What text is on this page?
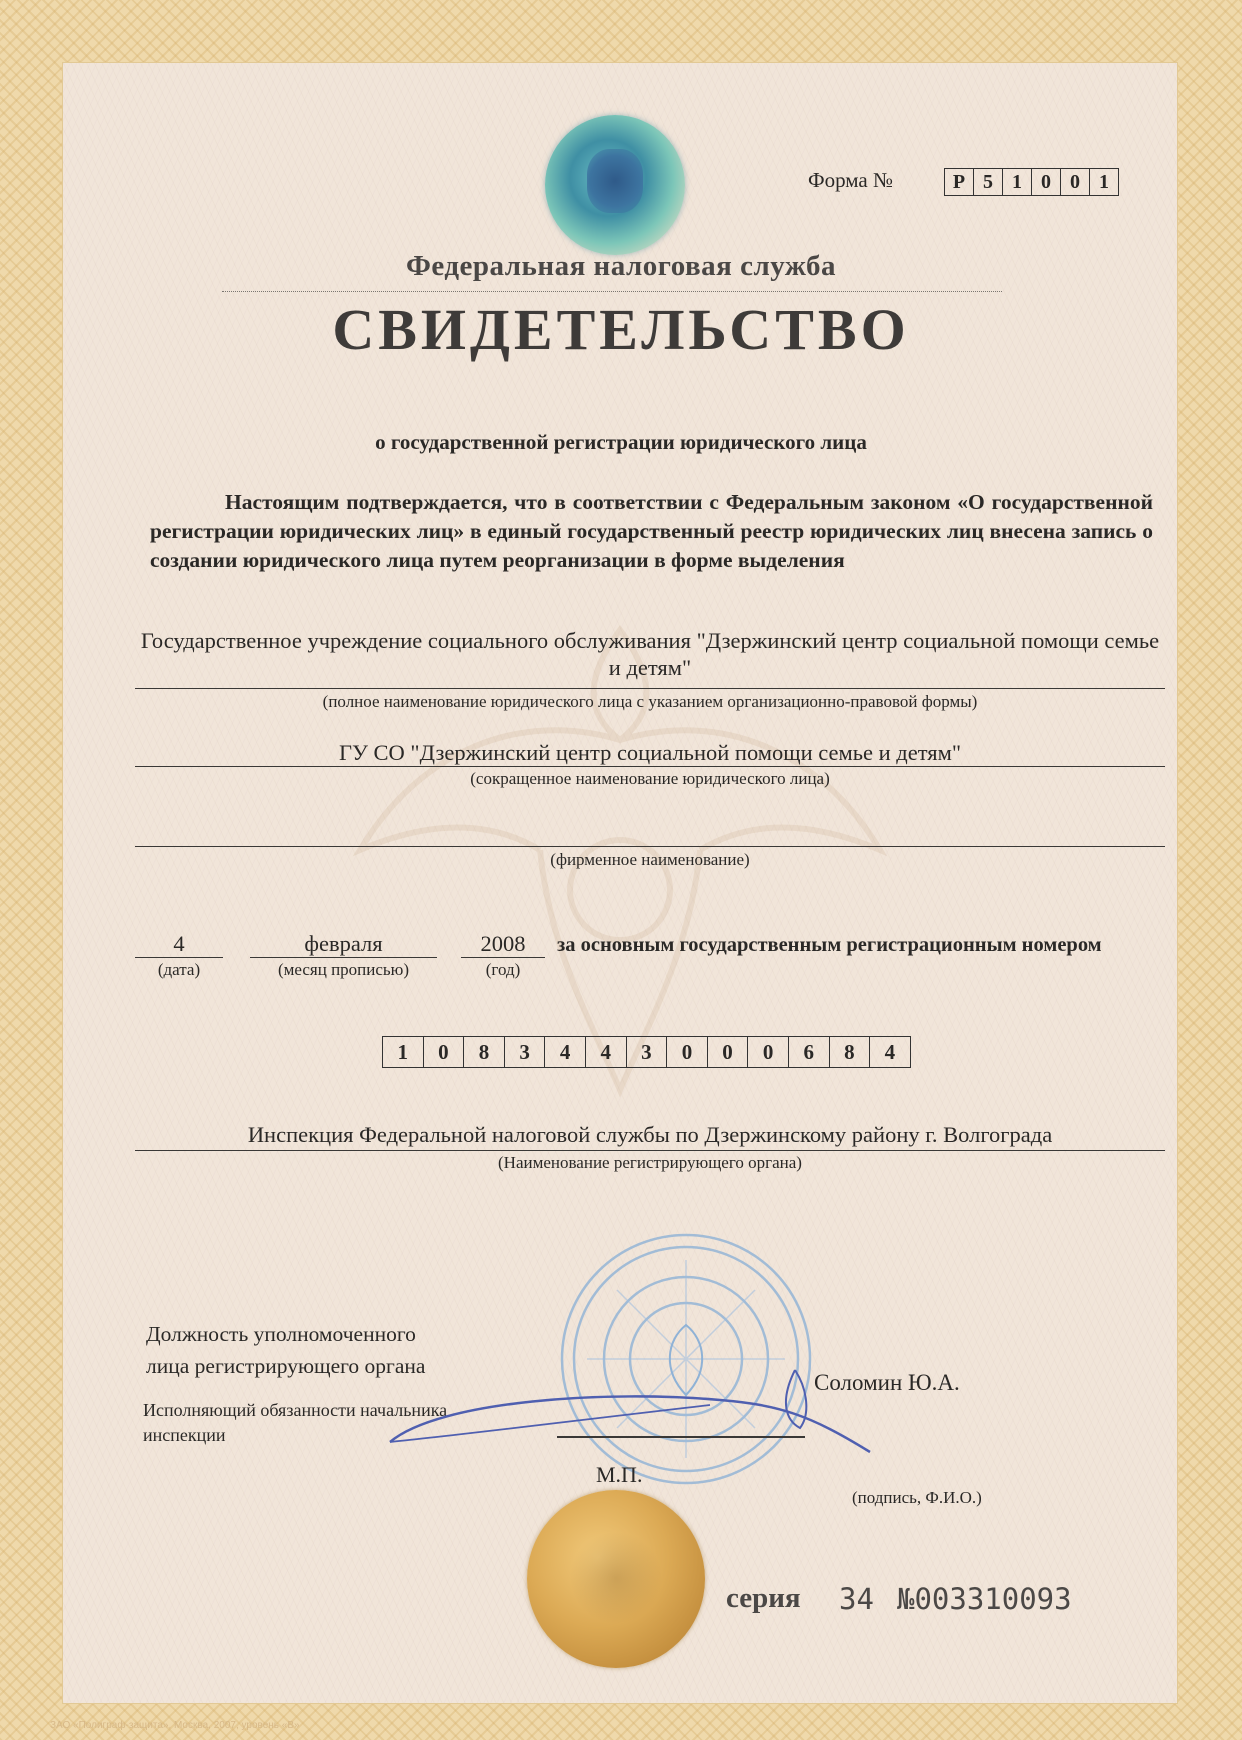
Форма №	Р 5 1 0 0 1
Федеральная налоговая служба
СВИДЕТЕЛЬСТВО
о государственной регистрации юридического лица
Настоящим подтверждается, что в соответствии с Федеральным законом «О государственной регистрации юридических лиц» в единый государственный реестр юридических лиц внесена запись о создании юридического лица путем реорганизации в форме выделения
Государственное учреждение социального обслуживания "Дзержинский центр социальной помощи семье и детям"
(полное наименование юридического лица с указанием организационно-правовой формы)
ГУ СО "Дзержинский центр социальной помощи семье и детям"
(сокращенное наименование юридического лица)
(фирменное наименование)
4
(дата)
февраля
(месяц прописью)
2008
(год)
за основным государственным регистрационным номером
1	0	8	3	4	4	3	0	0	0	6	8	4
Инспекция Федеральной налоговой службы по Дзержинскому району г. Волгограда
(Наименование регистрирующего органа)
Должность уполномоченного
лица регистрирующего органа
Исполняющий обязанности начальника
инспекции
Соломин Ю.А.
М.П.
(подпись, Ф.И.О.)
серия 34 №003310093
ЗАО «Полиграф-защита», Москва, 2007, уровень «В»
